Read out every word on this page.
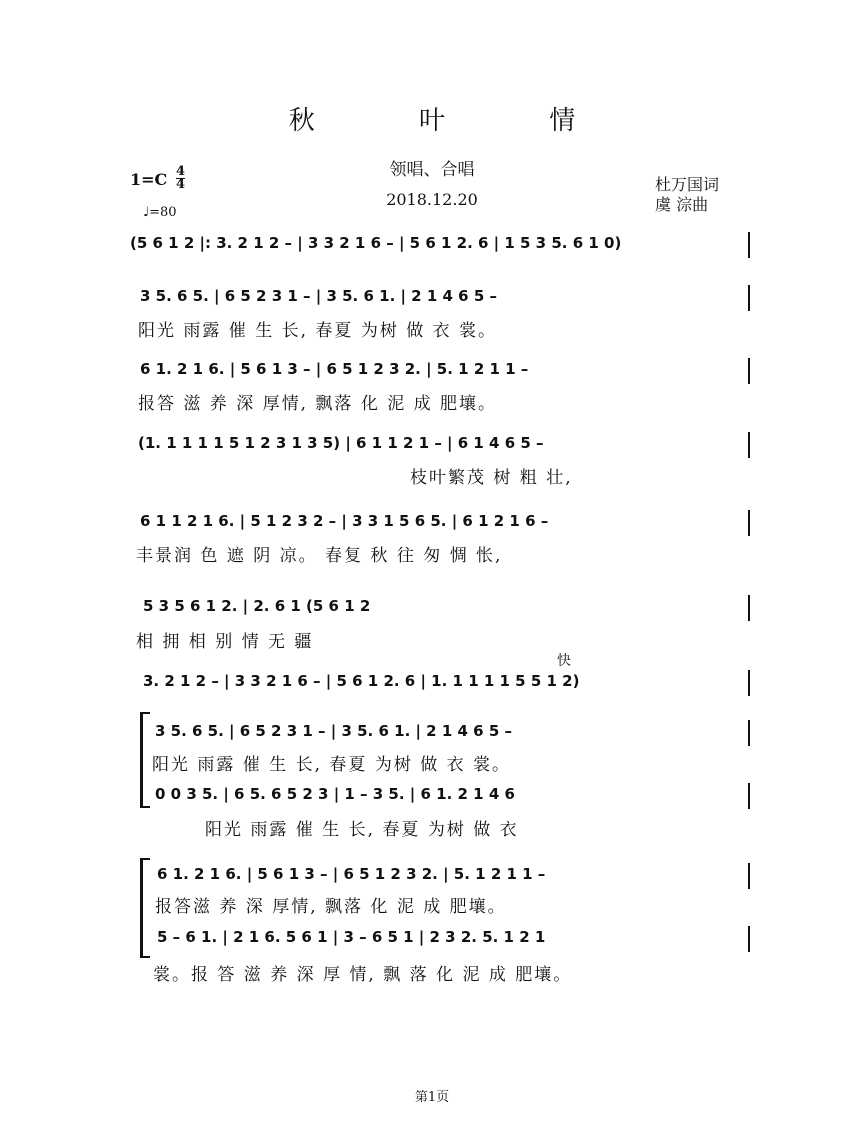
秋 叶 情
领唱、合唱
2018.12.20
杜万国词
虞 淙曲
$1=C \frac{4}{4}$
♩=80
(5 6 1 2 |: 3. 2 1 2 – | 3 3 2 1 6 – | 5 6 1 2. 6 | 1 5 3 5. 6 1 0)
3 5. 6 5. | 6 5 2 3 1 – | 3 5. 6 1. | 2 1 4 6 5 –
阳光 雨露 催 生 长, 春夏 为树 做 衣 裳。
6 1. 2 1 6. | 5 6 1 3 – | 6 5 1 2 3 2. | 5. 1 2 1 1 –
报答 滋 养 深 厚情, 飘落 化 泥 成 肥壤。
(1. 1 1 1 1 5 1 2 3 1 3 5) | 6 1 1 2 1 – | 6 1 4 6 5 –
枝叶繁茂 树 粗 壮,
6 1 1 2 1 6. | 5 1 2 3 2 – | 3 3 1 5 6 5. | 6 1 2 1 6 –
丰景润 色 遮 阴 凉。 春复 秋 往 匆 惆 怅,
5 3 5 6 1 2. | 2. 6 1 (5 6 1 2
相 拥 相 别 情 无 疆
快
3. 2 1 2 – | 3 3 2 1 6 – | 5 6 1 2. 6 | 1. 1 1 1 1 5 5 1 2)
3 5. 6 5. | 6 5 2 3 1 – | 3 5. 6 1. | 2 1 4 6 5 –
阳光 雨露 催 生 长, 春夏 为树 做 衣 裳。
0 0 3 5. | 6 5. 6 5 2 3 | 1 – 3 5. | 6 1. 2 1 4 6
阳光 雨露 催 生 长, 春夏 为树 做 衣
6 1. 2 1 6. | 5 6 1 3 – | 6 5 1 2 3 2. | 5. 1 2 1 1 –
报答滋 养 深 厚情, 飘落 化 泥 成 肥壤。
5 – 6 1. | 2 1 6. 5 6 1 | 3 – 6 5 1 | 2 3 2. 5. 1 2 1
裳。报 答 滋 养 深 厚 情, 飘 落 化 泥 成 肥壤。
第1页
